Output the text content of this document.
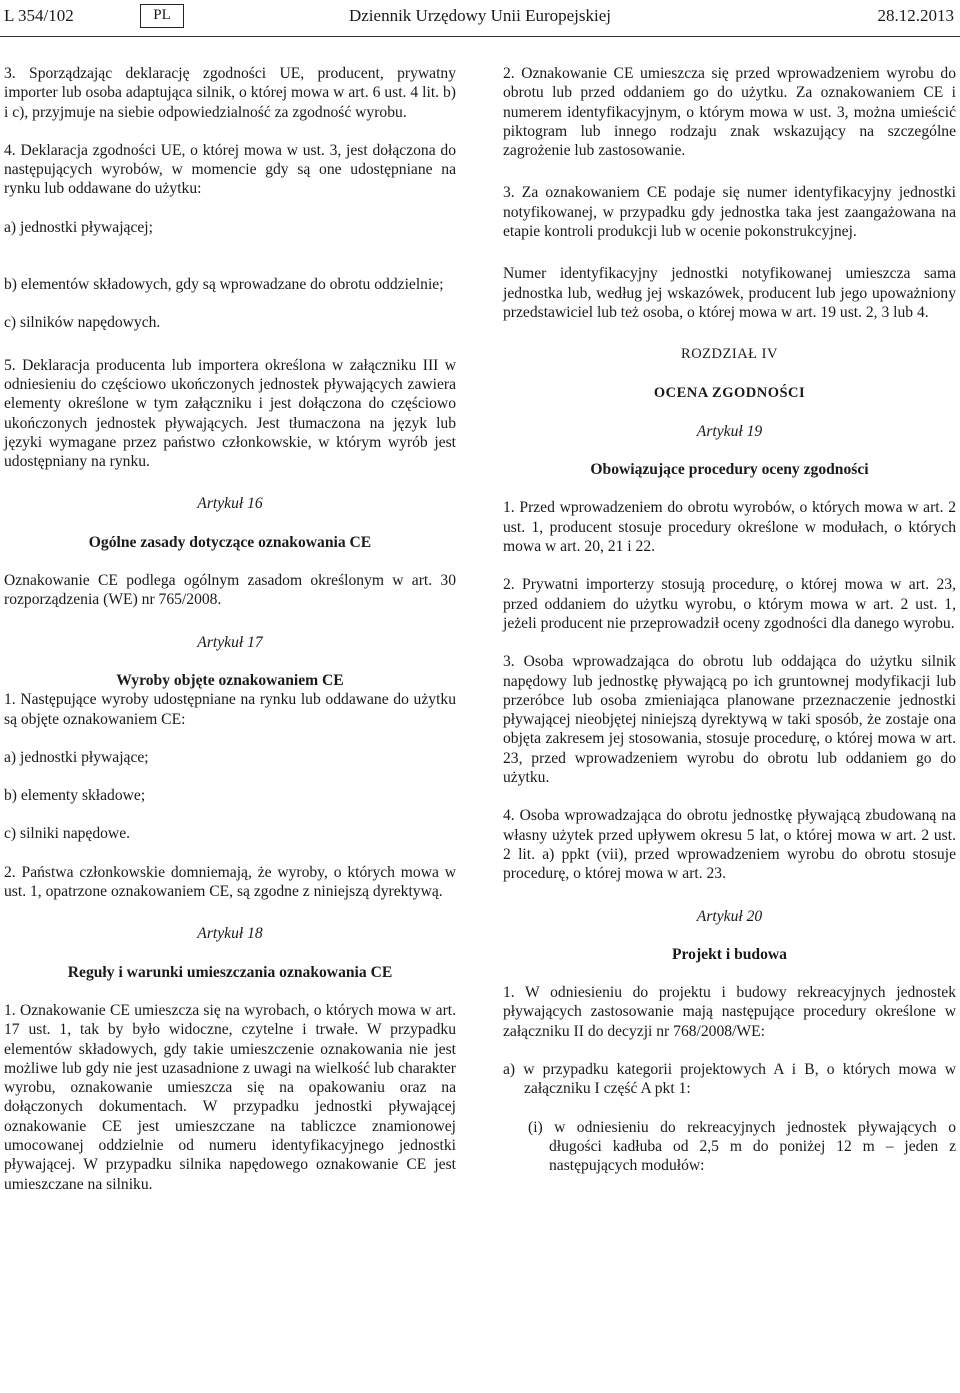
L 354/102	PL	Dziennik Urzędowy Unii Europejskiej	28.12.2013

3. Sporządzając deklarację zgodności UE, producent, prywatny importer lub osoba adaptująca silnik, o której mowa w art. 6 ust. 4 lit. b) i c), przyjmuje na siebie odpowiedzialność za zgodność wyrobu.

4. Deklaracja zgodności UE, o której mowa w ust. 3, jest dołączona do następujących wyrobów, w momencie gdy są one udostępniane na rynku lub oddawane do użytku:

a) jednostki pływającej;

b) elementów składowych, gdy są wprowadzane do obrotu oddzielnie;

c) silników napędowych.

5. Deklaracja producenta lub importera określona w załączniku III w odniesieniu do częściowo ukończonych jednostek pływających zawiera elementy określone w tym załączniku i jest dołączona do częściowo ukończonych jednostek pływających. Jest tłumaczona na język lub języki wymagane przez państwo członkowskie, w którym wyrób jest udostępniany na rynku.

Artykuł 16

Ogólne zasady dotyczące oznakowania CE

Oznakowanie CE podlega ogólnym zasadom określonym w art. 30 rozporządzenia (WE) nr 765/2008.

Artykuł 17

Wyroby objęte oznakowaniem CE

1. Następujące wyroby udostępniane na rynku lub oddawane do użytku są objęte oznakowaniem CE:

a) jednostki pływające;

b) elementy składowe;

c) silniki napędowe.

2. Państwa członkowskie domniemają, że wyroby, o których mowa w ust. 1, opatrzone oznakowaniem CE, są zgodne z niniejszą dyrektywą.

Artykuł 18

Reguły i warunki umieszczania oznakowania CE

1. Oznakowanie CE umieszcza się na wyrobach, o których mowa w art. 17 ust. 1, tak by było widoczne, czytelne i trwałe. W przypadku elementów składowych, gdy takie umieszczenie oznakowania nie jest możliwe lub gdy nie jest uzasadnione z uwagi na wielkość lub charakter wyrobu, oznakowanie umieszcza się na opakowaniu oraz na dołączonych dokumentach. W przypadku jednostki pływającej oznakowanie CE jest umieszczane na tabliczce znamionowej umocowanej oddzielnie od numeru identyfikacyjnego jednostki pływającej. W przypadku silnika napędowego oznakowanie CE jest umieszczane na silniku.

2. Oznakowanie CE umieszcza się przed wprowadzeniem wyrobu do obrotu lub przed oddaniem go do użytku. Za oznakowaniem CE i numerem identyfikacyjnym, o którym mowa w ust. 3, można umieścić piktogram lub innego rodzaju znak wskazujący na szczególne zagrożenie lub zastosowanie.

3. Za oznakowaniem CE podaje się numer identyfikacyjny jednostki notyfikowanej, w przypadku gdy jednostka taka jest zaangażowana na etapie kontroli produkcji lub w ocenie pokonstrukcyjnej.

Numer identyfikacyjny jednostki notyfikowanej umieszcza sama jednostka lub, według jej wskazówek, producent lub jego upoważniony przedstawiciel lub też osoba, o której mowa w art. 19 ust. 2, 3 lub 4.

ROZDZIAŁ IV

OCENA ZGODNOŚCI

Artykuł 19

Obowiązujące procedury oceny zgodności

1. Przed wprowadzeniem do obrotu wyrobów, o których mowa w art. 2 ust. 1, producent stosuje procedury określone w modułach, o których mowa w art. 20, 21 i 22.

2. Prywatni importerzy stosują procedurę, o której mowa w art. 23, przed oddaniem do użytku wyrobu, o którym mowa w art. 2 ust. 1, jeżeli producent nie przeprowadził oceny zgodności dla danego wyrobu.

3. Osoba wprowadzająca do obrotu lub oddająca do użytku silnik napędowy lub jednostkę pływającą po ich gruntownej modyfikacji lub przeróbce lub osoba zmieniająca planowane przeznaczenie jednostki pływającej nieobjętej niniejszą dyrektywą w taki sposób, że zostaje ona objęta zakresem jej stosowania, stosuje procedurę, o której mowa w art. 23, przed wprowadzeniem wyrobu do obrotu lub oddaniem go do użytku.

4. Osoba wprowadzająca do obrotu jednostkę pływającą zbudowaną na własny użytek przed upływem okresu 5 lat, o której mowa w art. 2 ust. 2 lit. a) ppkt (vii), przed wprowadzeniem wyrobu do obrotu stosuje procedurę, o której mowa w art. 23.

Artykuł 20

Projekt i budowa

1. W odniesieniu do projektu i budowy rekreacyjnych jednostek pływających zastosowanie mają następujące procedury określone w załączniku II do decyzji nr 768/2008/WE:

a) w przypadku kategorii projektowych A i B, o których mowa w załączniku I część A pkt 1:

(i) w odniesieniu do rekreacyjnych jednostek pływających o długości kadłuba od 2,5 m do poniżej 12 m – jeden z następujących modułów:
